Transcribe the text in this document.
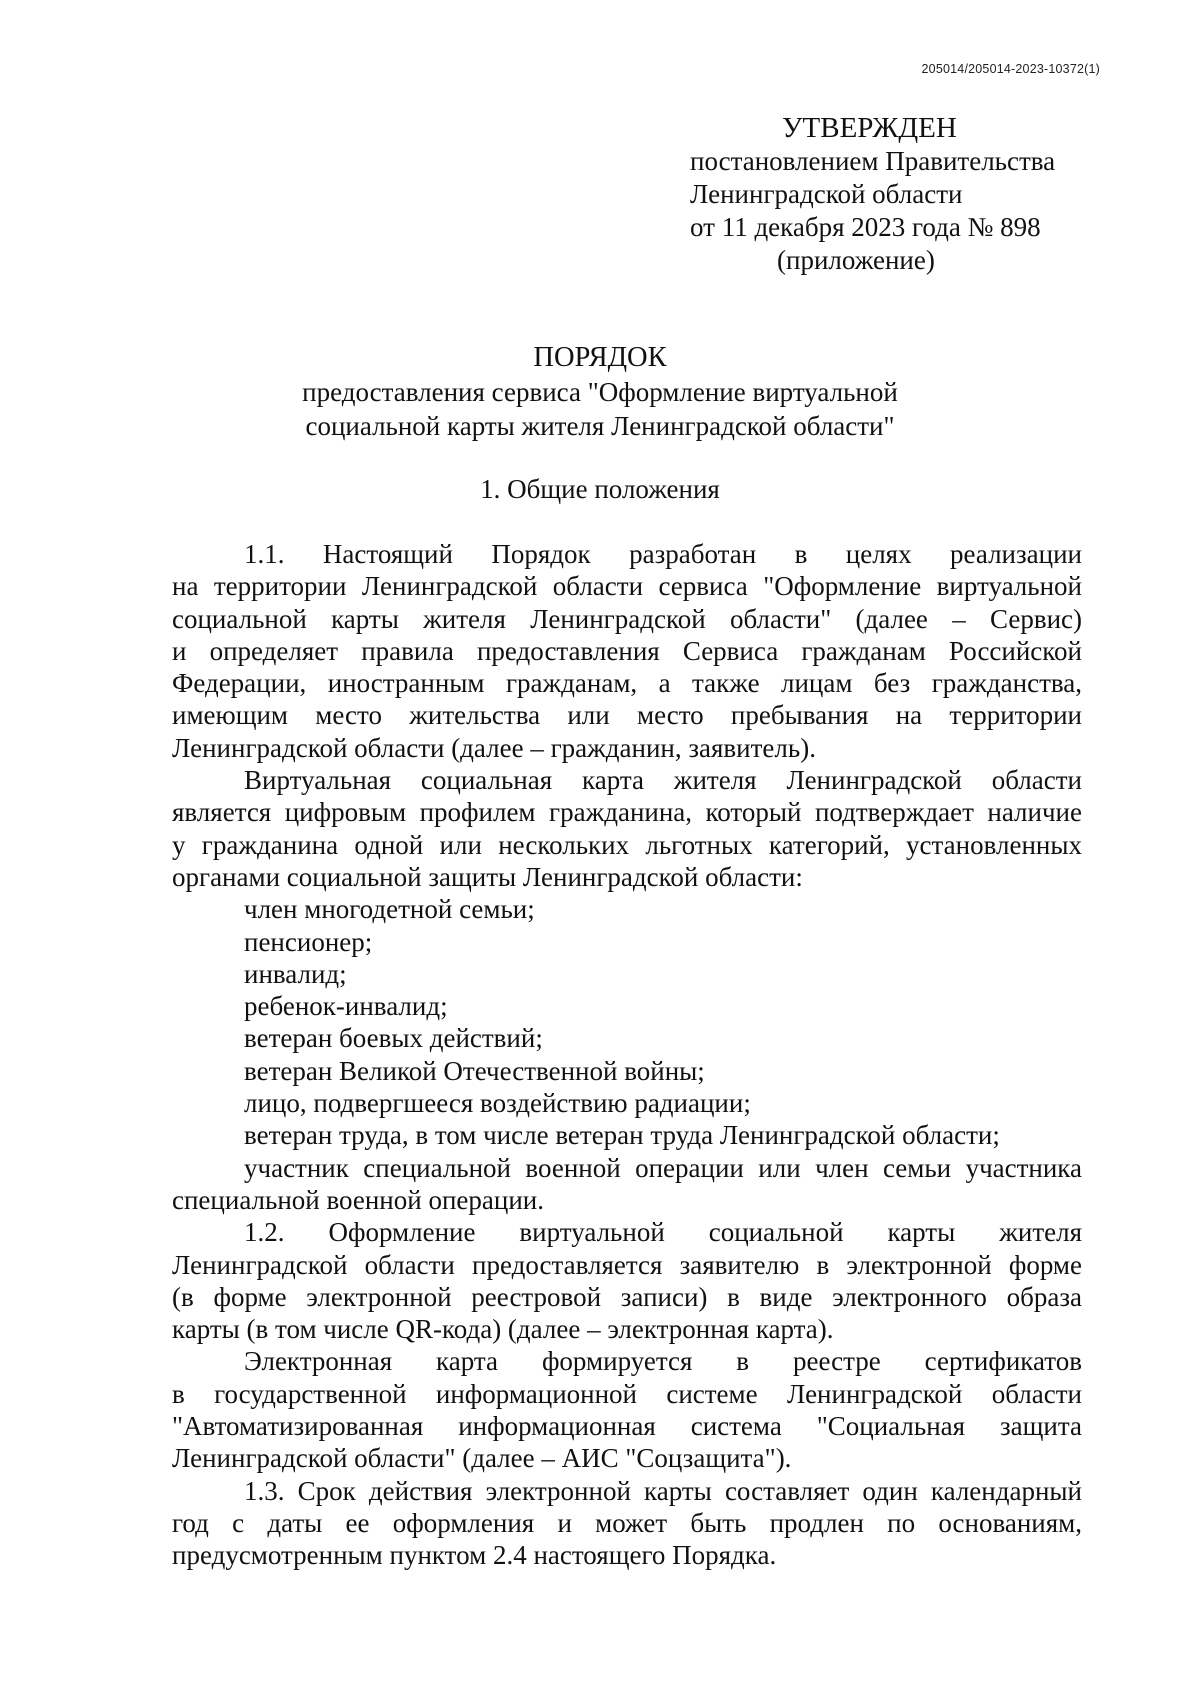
205014/205014-2023-10372(1)
УТВЕРЖДЕН
постановлением Правительства
Ленинградской области
от 11 декабря 2023 года № 898
(приложение)
ПОРЯДОК
предоставления сервиса "Оформление виртуальной
социальной карты жителя Ленинградской области"
1. Общие положения
1.1. Настоящий Порядок разработан в целях реализации
на территории Ленинградской области сервиса "Оформление виртуальной
социальной карты жителя Ленинградской области" (далее – Сервис)
и определяет правила предоставления Сервиса гражданам Российской
Федерации, иностранным гражданам, а также лицам без гражданства,
имеющим место жительства или место пребывания на территории
Ленинградской области (далее – гражданин, заявитель).
Виртуальная социальная карта жителя Ленинградской области
является цифровым профилем гражданина, который подтверждает наличие
у гражданина одной или нескольких льготных категорий, установленных
органами социальной защиты Ленинградской области:
член многодетной семьи;
пенсионер;
инвалид;
ребенок-инвалид;
ветеран боевых действий;
ветеран Великой Отечественной войны;
лицо, подвергшееся воздействию радиации;
ветеран труда, в том числе ветеран труда Ленинградской области;
участник специальной военной операции или член семьи участника
специальной военной операции.
1.2. Оформление виртуальной социальной карты жителя
Ленинградской области предоставляется заявителю в электронной форме
(в форме электронной реестровой записи) в виде электронного образа
карты (в том числе QR-кода) (далее – электронная карта).
Электронная карта формируется в реестре сертификатов
в государственной информационной системе Ленинградской области
"Автоматизированная информационная система "Социальная защита
Ленинградской области" (далее – АИС "Соцзащита").
1.3. Срок действия электронной карты составляет один календарный
год с даты ее оформления и может быть продлен по основаниям,
предусмотренным пунктом 2.4 настоящего Порядка.
